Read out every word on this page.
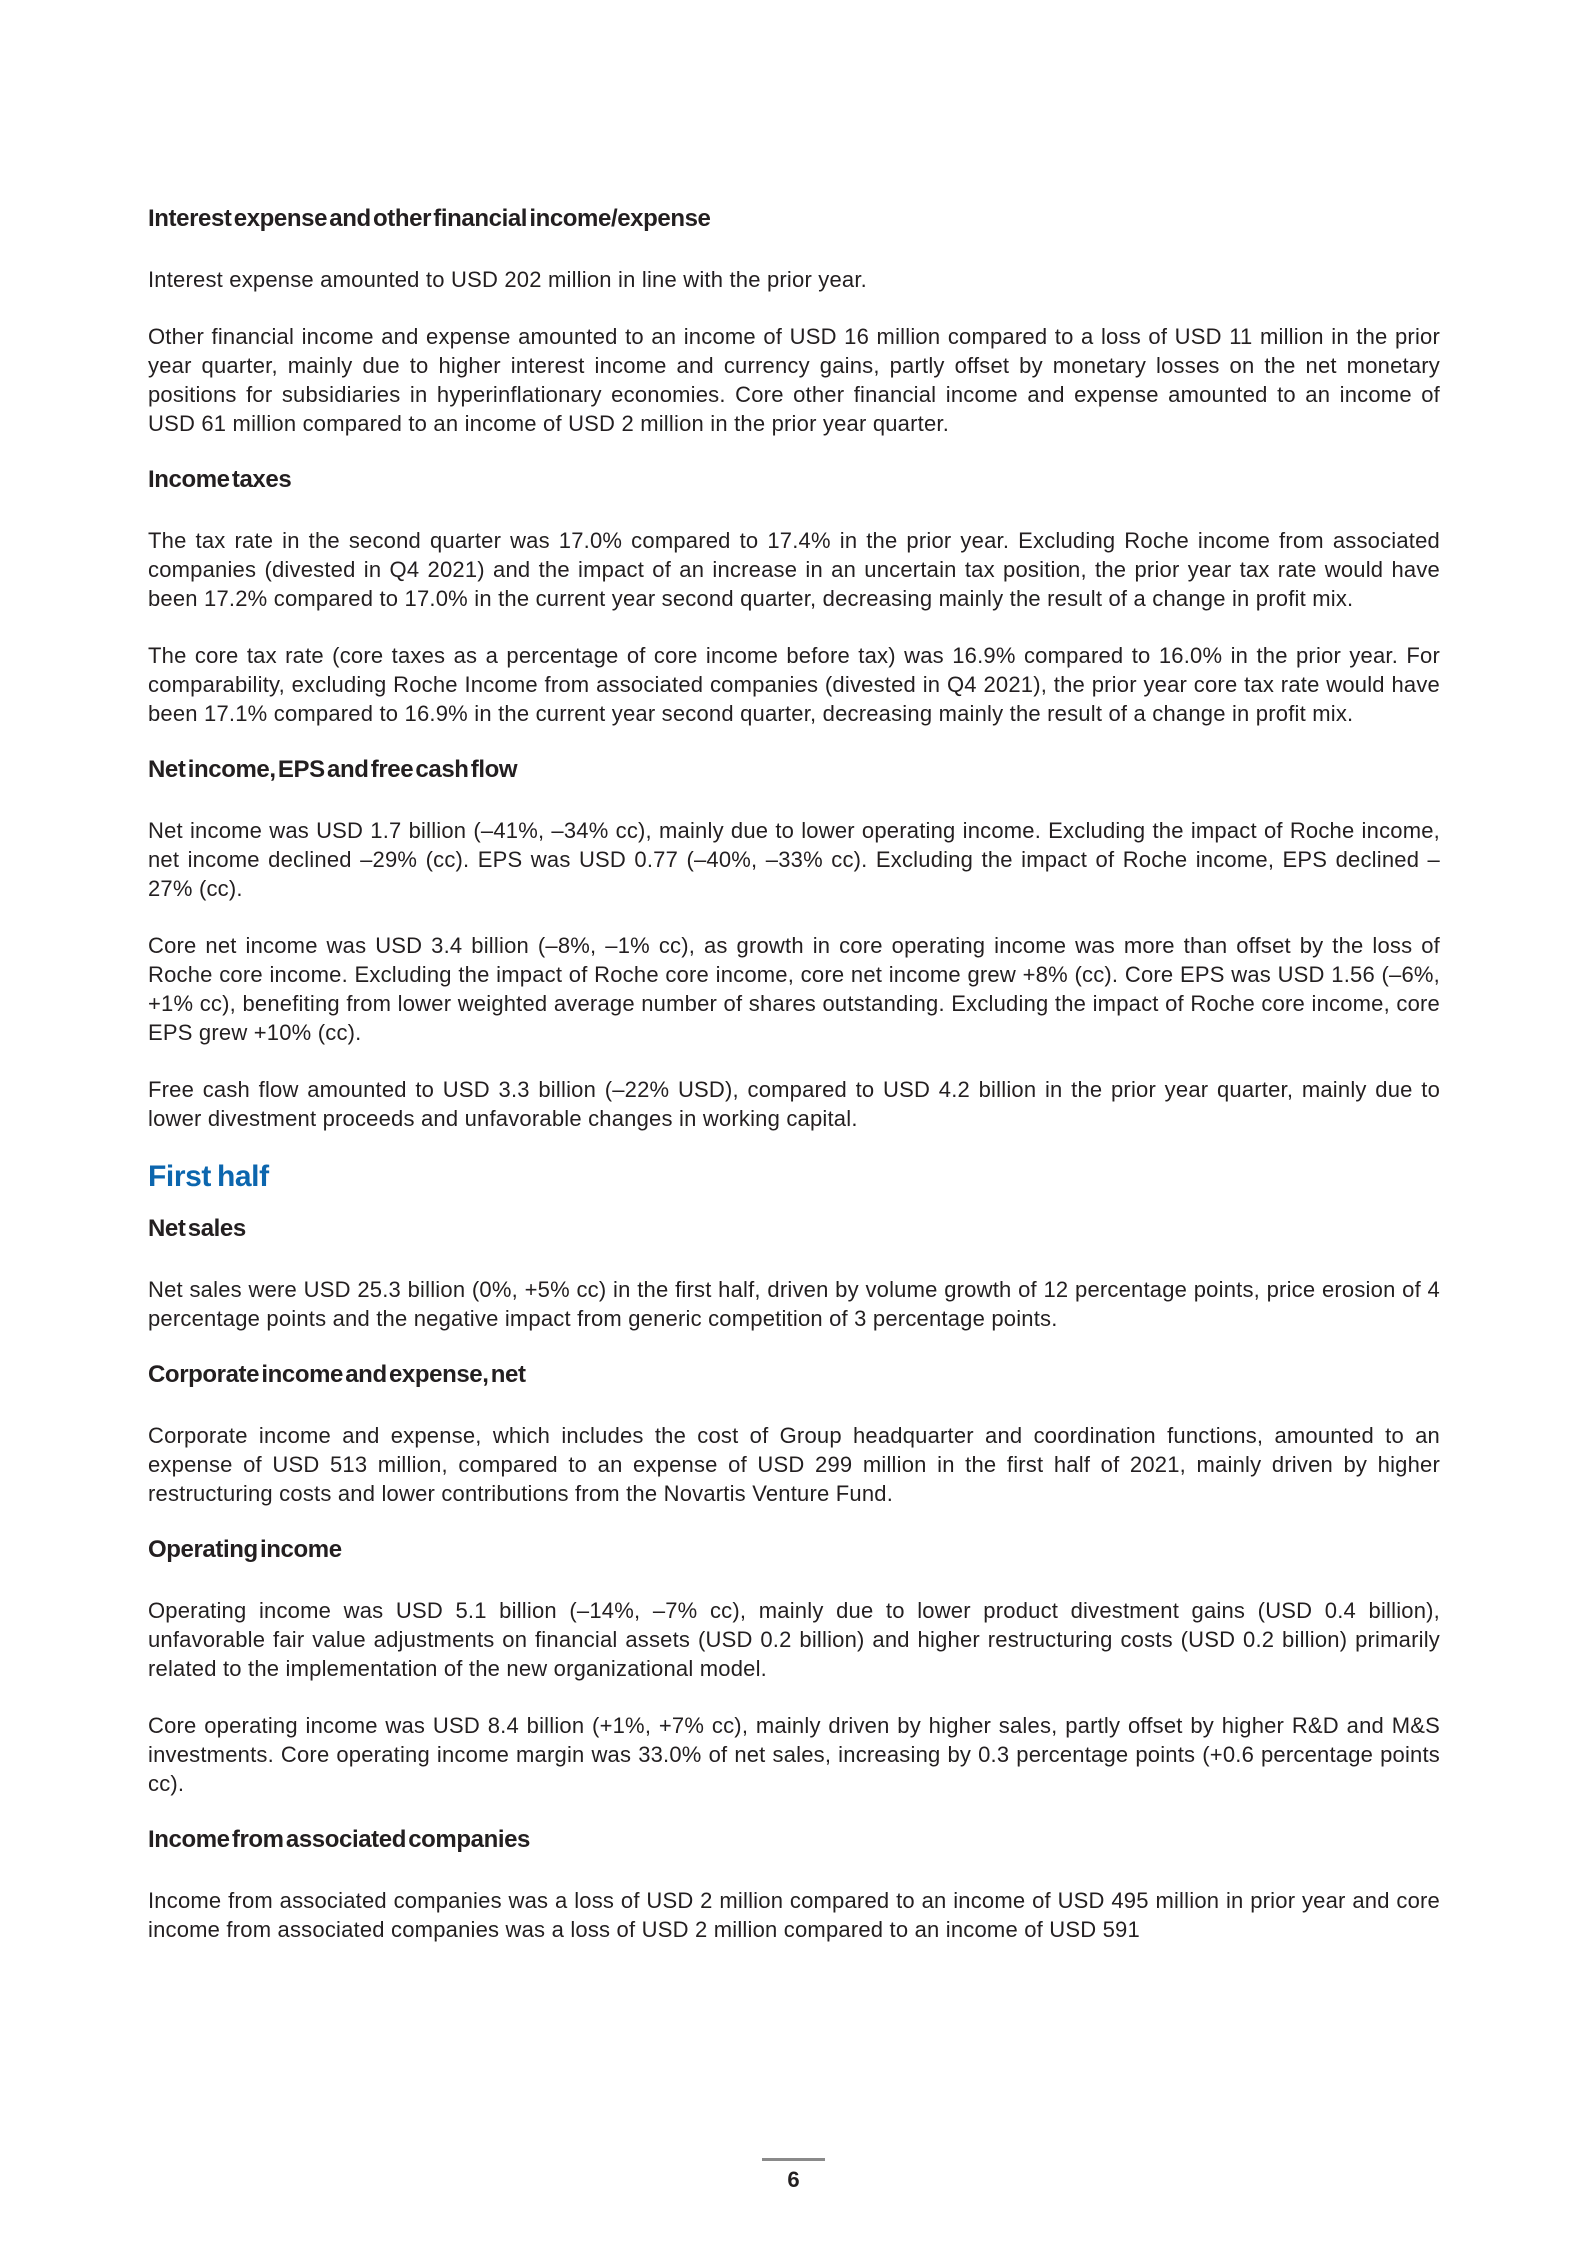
Interest expense and other financial income/expense

Interest expense amounted to USD 202 million in line with the prior year.

Other financial income and expense amounted to an income of USD 16 million compared to a loss of USD 11 million in the prior year quarter, mainly due to higher interest income and currency gains, partly offset by monetary losses on the net monetary positions for subsidiaries in hyperinflationary economies. Core other financial income and expense amounted to an income of USD 61 million compared to an income of USD 2 million in the prior year quarter.

Income taxes

The tax rate in the second quarter was 17.0% compared to 17.4% in the prior year. Excluding Roche income from associated companies (divested in Q4 2021) and the impact of an increase in an uncertain tax position, the prior year tax rate would have been 17.2% compared to 17.0% in the current year second quarter, decreasing mainly the result of a change in profit mix.

The core tax rate (core taxes as a percentage of core income before tax) was 16.9% compared to 16.0% in the prior year. For comparability, excluding Roche Income from associated companies (divested in Q4 2021), the prior year core tax rate would have been 17.1% compared to 16.9% in the current year second quarter, decreasing mainly the result of a change in profit mix.

Net income, EPS and free cash flow

Net income was USD 1.7 billion (–41%, –34% cc), mainly due to lower operating income. Excluding the impact of Roche income, net income declined –29% (cc). EPS was USD 0.77 (–40%, –33% cc). Excluding the impact of Roche income, EPS declined –27% (cc).

Core net income was USD 3.4 billion (–8%, –1% cc), as growth in core operating income was more than offset by the loss of Roche core income. Excluding the impact of Roche core income, core net income grew +8% (cc). Core EPS was USD 1.56 (–6%, +1% cc), benefiting from lower weighted average number of shares outstanding. Excluding the impact of Roche core income, core EPS grew +10% (cc).

Free cash flow amounted to USD 3.3 billion (–22% USD), compared to USD 4.2 billion in the prior year quarter, mainly due to lower divestment proceeds and unfavorable changes in working capital.

First half
Net sales

Net sales were USD 25.3 billion (0%, +5% cc) in the first half, driven by volume growth of 12 percentage points, price erosion of 4 percentage points and the negative impact from generic competition of 3 percentage points.

Corporate income and expense, net

Corporate income and expense, which includes the cost of Group headquarter and coordination functions, amounted to an expense of USD 513 million, compared to an expense of USD 299 million in the first half of 2021, mainly driven by higher restructuring costs and lower contributions from the Novartis Venture Fund.

Operating income

Operating income was USD 5.1 billion (–14%, –7% cc), mainly due to lower product divestment gains (USD 0.4 billion), unfavorable fair value adjustments on financial assets (USD 0.2 billion) and higher restructuring costs (USD 0.2 billion) primarily related to the implementation of the new organizational model.

Core operating income was USD 8.4 billion (+1%, +7% cc), mainly driven by higher sales, partly offset by higher R&D and M&S investments. Core operating income margin was 33.0% of net sales, increasing by 0.3 percentage points (+0.6 percentage points cc).

Income from associated companies

Income from associated companies was a loss of USD 2 million compared to an income of USD 495 million in prior year and core income from associated companies was a loss of USD 2 million compared to an income of USD 591

6
